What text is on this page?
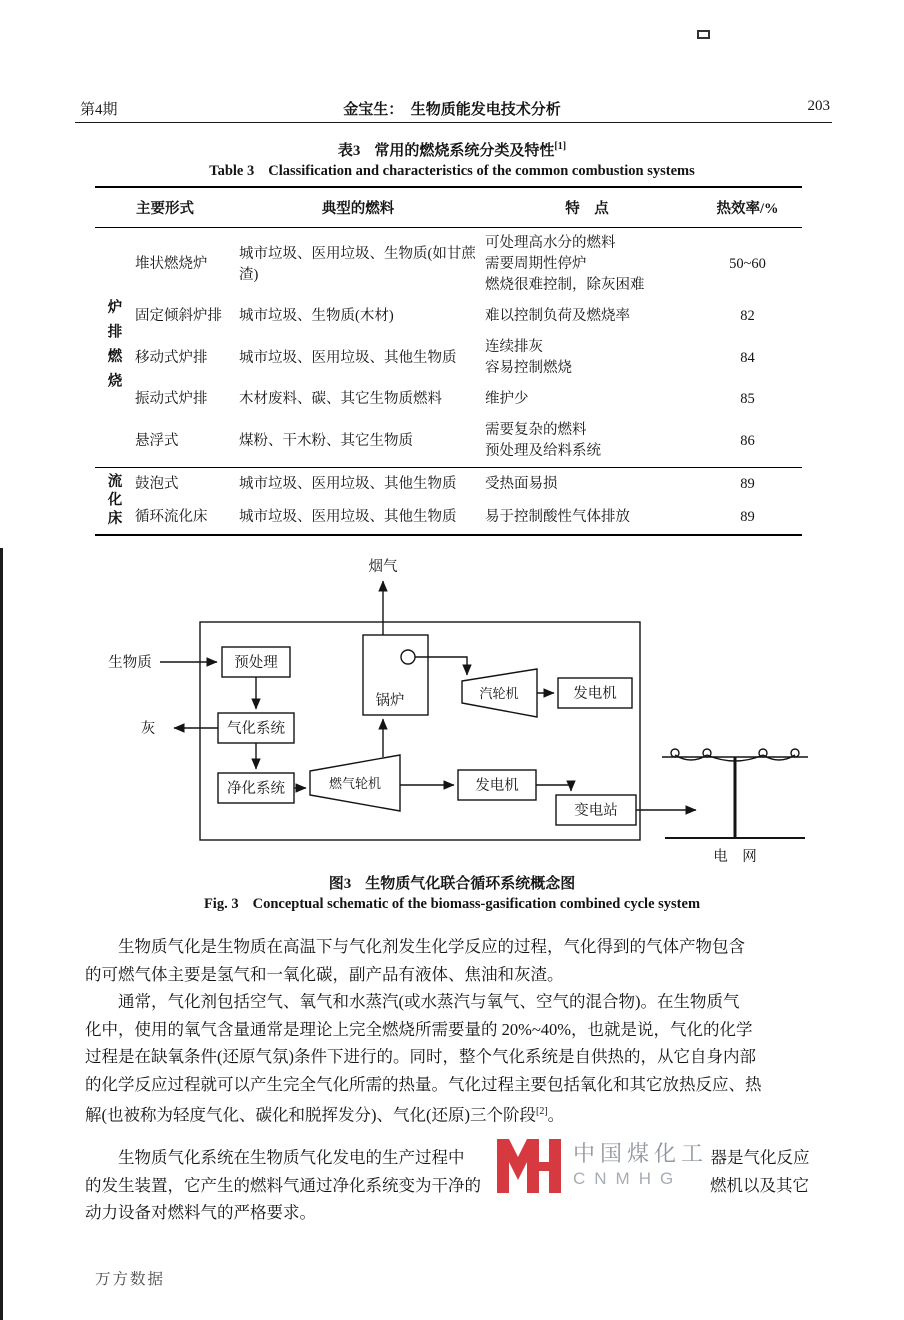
第4期	金宝生：　生物质能发电技术分析	203
表3 常用的燃烧系统分类及特性[1]
Table 3 Classification and characteristics of the common combustion systems
主要形式		典型的燃料	特　点	热效率/%

炉排燃烧	堆状燃烧炉	城市垃圾、医用垃圾、生物质(如甘蔗渣)	可处理高水分的燃料
需要周期性停炉
燃烧很难控制，除灰困难	50~60
	固定倾斜炉排	城市垃圾、生物质(木材)	难以控制负荷及燃烧率	82
	移动式炉排	城市垃圾、医用垃圾、其他生物质	连续排灰
容易控制燃烧	84
	振动式炉排	木材废料、碳、其它生物质燃料	维护少	85
	悬浮式	煤粉、干木粉、其它生物质	需要复杂的燃料
预处理及给料系统	86

流化床	鼓泡式	城市垃圾、医用垃圾、其他生物质	受热面易损	89
	循环流化床	城市垃圾、医用垃圾、其他生物质	易于控制酸性气体排放	89
烟气
生物质	预处理
气化系统
灰
净化系统	燃气轮机
锅炉	汽轮机	发电机
发电机
变电站
电　网
图3 生物质气化联合循环系统概念图
Fig. 3 Conceptual schematic of the biomass-gasification combined cycle system
生物质气化是生物质在高温下与气化剂发生化学反应的过程，气化得到的气体产物包含
的可燃气体主要是氢气和一氧化碳，副产品有液体、焦油和灰渣。
通常，气化剂包括空气、氧气和水蒸汽(或水蒸汽与氧气、空气的混合物)。在生物质气
化中，使用的氧气含量通常是理论上完全燃烧所需要量的 20%~40%，也就是说，气化的化学
过程是在缺氧条件(还原气氛)条件下进行的。同时，整个气化系统是自供热的，从它自身内部
的化学反应过程就可以产生完全气化所需的热量。气化过程主要包括氧化和其它放热反应、热
解(也被称为轻度气化、碳化和脱挥发分)、气化(还原)三个阶段[2]。
生物质气化系统在生物质气化发电的生产过程中	器是气化反应
的发生装置，它产生的燃料气通过净化系统变为干净的	燃机以及其它
动力设备对燃料气的严格要求。
中国煤化工
CNMHG
万方数据
